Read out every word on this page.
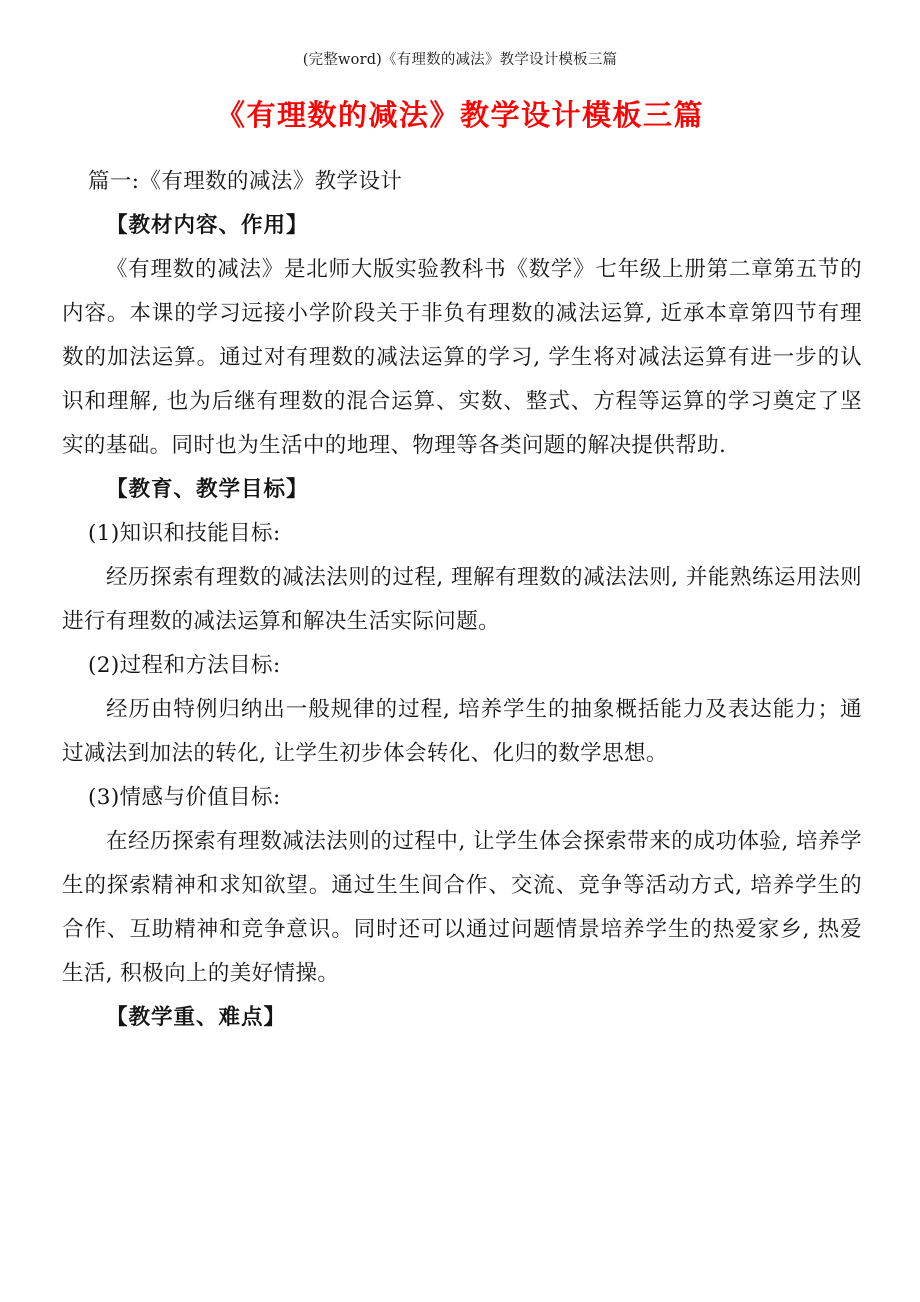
(完整word)《有理数的减法》教学设计模板三篇
《有理数的减法》教学设计模板三篇

篇一:《有理数的减法》教学设计

【教材内容、作用】

《有理数的减法》是北师大版实验教科书《数学》七年级上册第二章第五节的内容。本课的学习远接小学阶段关于非负有理数的减法运算, 近承本章第四节有理数的加法运算。通过对有理数的减法运算的学习, 学生将对减法运算有进一步的认识和理解, 也为后继有理数的混合运算、实数、整式、方程等运算的学习奠定了坚实的基础。同时也为生活中的地理、物理等各类问题的解决提供帮助.

【教育、教学目标】

(1)知识和技能目标:

经历探索有理数的减法法则的过程, 理解有理数的减法法则, 并能熟练运用法则进行有理数的减法运算和解决生活实际问题。

(2)过程和方法目标:

经历由特例归纳出一般规律的过程, 培养学生的抽象概括能力及表达能力；通过减法到加法的转化, 让学生初步体会转化、化归的数学思想。

(3)情感与价值目标:

在经历探索有理数减法法则的过程中, 让学生体会探索带来的成功体验, 培养学生的探索精神和求知欲望。通过生生间合作、交流、竞争等活动方式, 培养学生的合作、互助精神和竞争意识。同时还可以通过问题情景培养学生的热爱家乡, 热爱生活, 积极向上的美好情操。

【教学重、难点】
